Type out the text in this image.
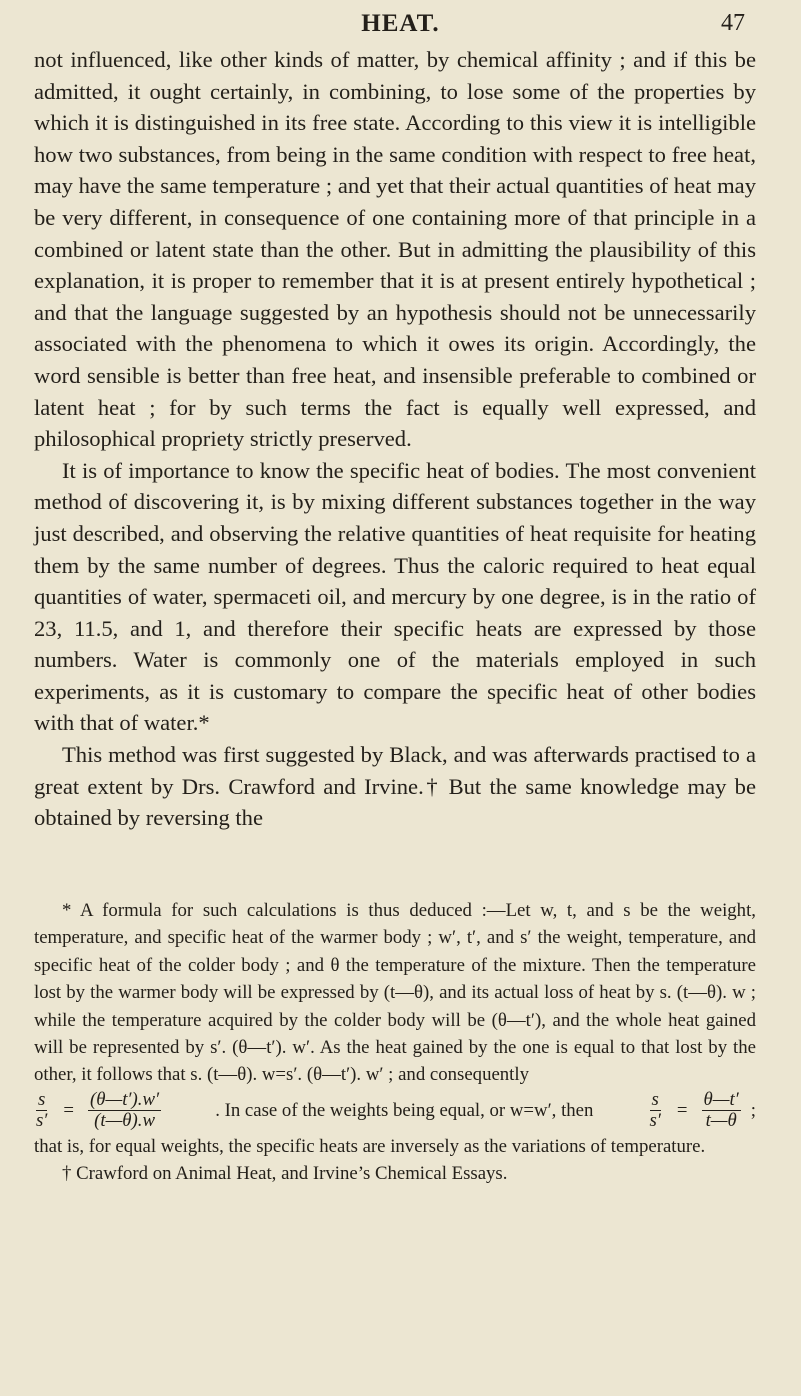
HEAT.	47

not influenced, like other kinds of matter, by chemical affinity ; and if this be admitted, it ought certainly, in combining, to lose some of the properties by which it is distinguished in its free state. According to this view it is intelligible how two substances, from being in the same condition with respect to free heat, may have the same temperature ; and yet that their actual quantities of heat may be very different, in consequence of one containing more of that principle in a combined or latent state than the other. But in admitting the plausibility of this explanation, it is proper to remember that it is at present entirely hypothetical ; and that the language suggested by an hypothesis should not be unnecessarily associated with the phenomena to which it owes its origin. Accordingly, the word sensible is better than free heat, and insensible preferable to combined or latent heat ; for by such terms the fact is equally well expressed, and philosophical propriety strictly preserved.

It is of importance to know the specific heat of bodies. The most convenient method of discovering it, is by mixing different substances together in the way just described, and observing the relative quantities of heat requisite for heating them by the same number of degrees. Thus the caloric required to heat equal quantities of water, spermaceti oil, and mercury by one degree, is in the ratio of 23, 11.5, and 1, and therefore their specific heats are expressed by those numbers. Water is commonly one of the materials employed in such experiments, as it is customary to compare the specific heat of other bodies with that of water.*

This method was first suggested by Black, and was afterwards practised to a great extent by Drs. Crawford and Irvine.† But the same knowledge may be obtained by reversing the

* A formula for such calculations is thus deduced :—Let w, t, and s be the weight, temperature, and specific heat of the warmer body ; w′, t′, and s′ the weight, temperature, and specific heat of the colder body ; and θ the temperature of the mixture. Then the temperature lost by the warmer body will be expressed by (t—θ), and its actual loss of heat by s. (t—θ). w ; while the temperature acquired by the colder body will be (θ—t′), and the whole heat gained will be represented by s′. (θ—t′). w′. As the heat gained by the one is equal to that lost by the other, it follows that s. (t—θ). w=s′. (θ—t′). w′ ; and consequently

$\frac{s}{s'} = \frac{(\theta—t').w'}{(t—\theta).w}$	. In case of the weights being equal, or w=w′, then	$\frac{s}{s'} = \frac{\theta—t'}{t—\theta}$ ;

that is, for equal weights, the specific heats are inversely as the variations of temperature.

† Crawford on Animal Heat, and Irvine’s Chemical Essays.
